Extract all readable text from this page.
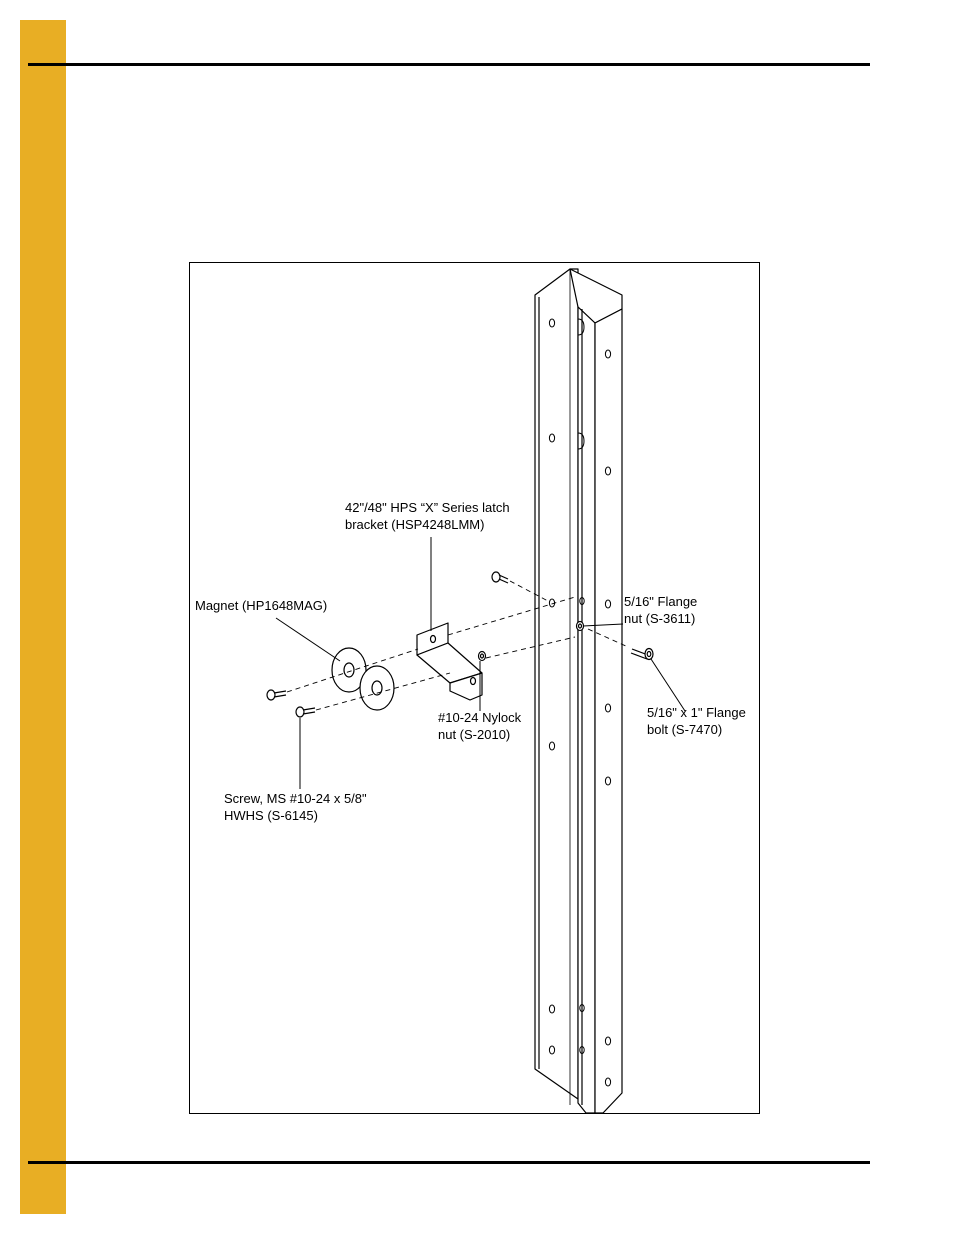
42"/48" HPS “X” Series latch
bracket (HSP4248LMM)
Magnet (HP1648MAG)	5/16" Flange
nut (S-3611)
#10-24 Nylock
nut (S-2010)
5/16" x 1" Flange
bolt (S-7470)
Screw, MS #10-24 x 5/8"
HWHS (S-6145)
